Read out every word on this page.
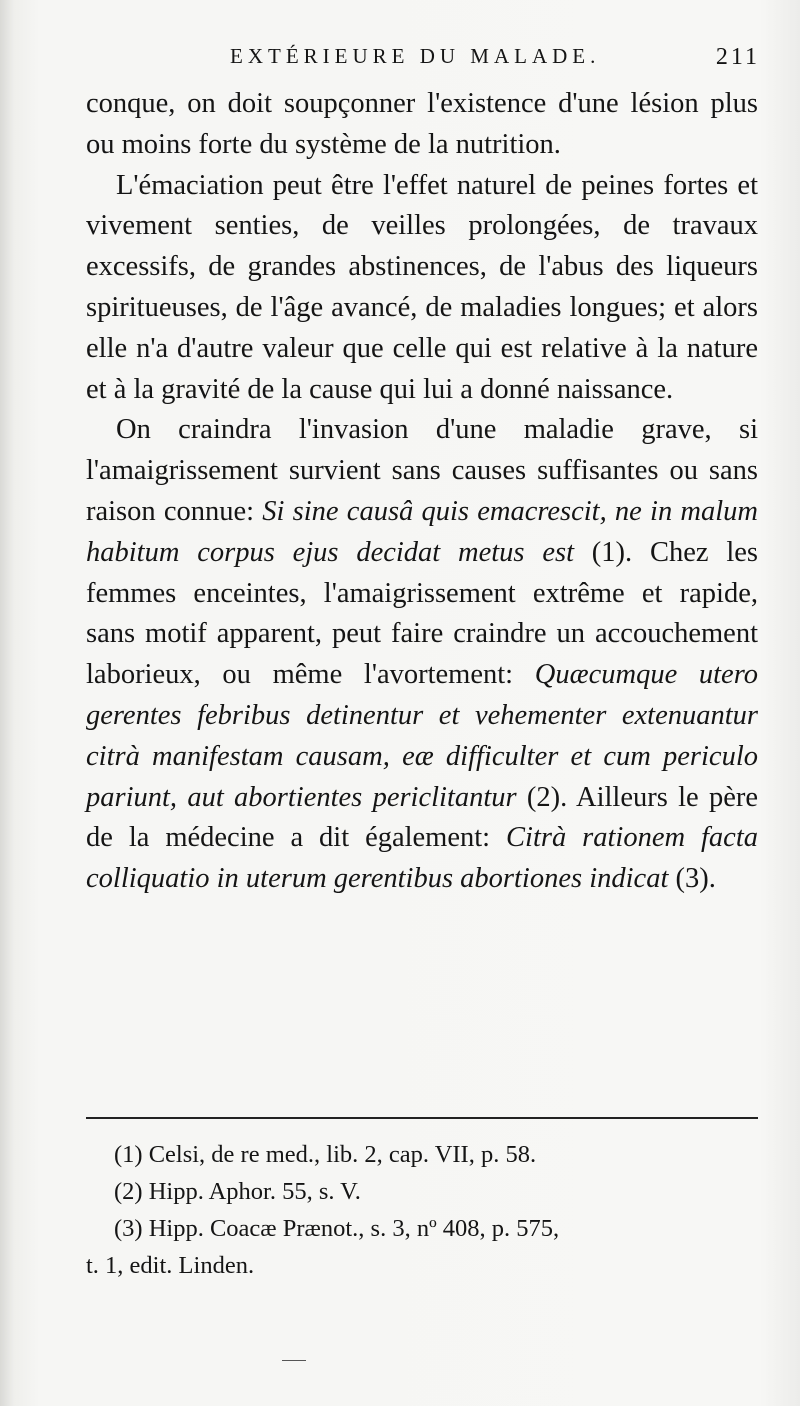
EXTÉRIEURE DU MALADE.	211

conque, on doit soupçonner l'existence d'une lésion plus ou moins forte du système de la nutrition.

L'émaciation peut être l'effet naturel de peines fortes et vivement senties, de veilles prolongées, de travaux excessifs, de grandes abstinences, de l'abus des liqueurs spiritueuses, de l'âge avancé, de maladies longues; et alors elle n'a d'autre valeur que celle qui est relative à la nature et à la gravité de la cause qui lui a donné naissance.

On craindra l'invasion d'une maladie grave, si l'amaigrissement survient sans causes suffisantes ou sans raison connue: Si sine causâ quis emacrescit, ne in malum habitum corpus ejus decidat metus est (1). Chez les femmes enceintes, l'amaigrissement extrême et rapide, sans motif apparent, peut faire craindre un accouchement laborieux, ou même l'avortement: Quæcumque utero gerentes febribus detinentur et vehementer extenuantur citrà manifestam causam, eæ difficulter et cum periculo pariunt, aut abortientes periclitantur (2). Ailleurs le père de la médecine a dit également: Citrà rationem facta colliquatio in uterum gerentibus abortiones indicat (3).

(1) Celsi, de re med., lib. 2, cap. VII, p. 58.

(2) Hipp. Aphor. 55, s. V.

(3) Hipp. Coacæ Prænot., s. 3, nº 408, p. 575,

t. 1, edit. Linden.
